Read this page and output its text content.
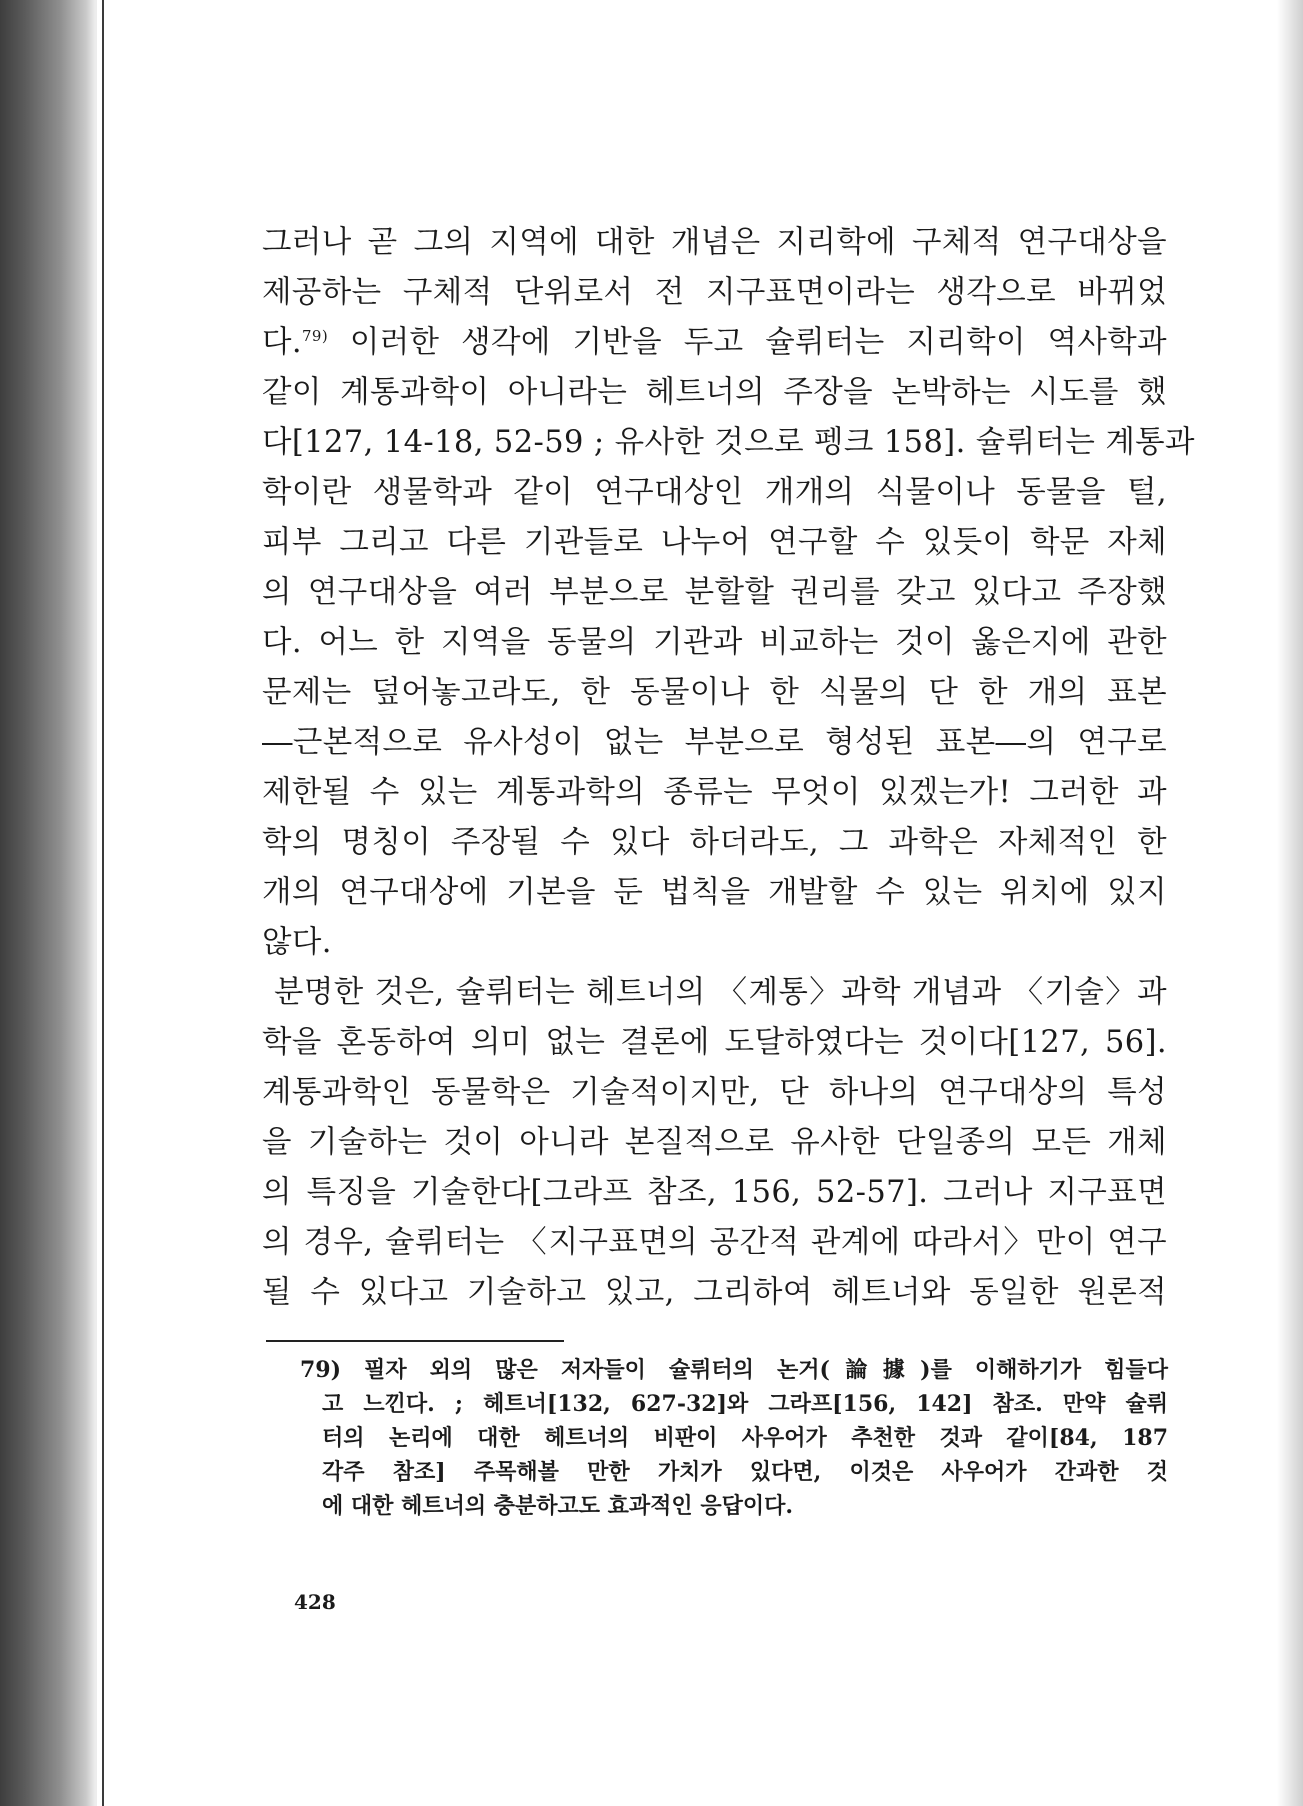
그러나 곧 그의 지역에 대한 개념은 지리학에 구체적 연구대상을
제공하는 구체적 단위로서 전 지구표면이라는 생각으로 바뀌었
다.$^{79)}$ 이러한 생각에 기반을 두고 슐뤼터는 지리학이 역사학과
같이 계통과학이 아니라는 헤트너의 주장을 논박하는 시도를 했
다[127, 14-18, 52-59 ; 유사한 것으로 펭크 158]. 슐뤼터는 계통과
학이란 생물학과 같이 연구대상인 개개의 식물이나 동물을 털,
피부 그리고 다른 기관들로 나누어 연구할 수 있듯이 학문 자체
의 연구대상을 여러 부분으로 분할할 권리를 갖고 있다고 주장했
다. 어느 한 지역을 동물의 기관과 비교하는 것이 옳은지에 관한
문제는 덮어놓고라도, 한 동물이나 한 식물의 단 한 개의 표본
―근본적으로 유사성이 없는 부분으로 형성된 표본―의 연구로
제한될 수 있는 계통과학의 종류는 무엇이 있겠는가! 그러한 과
학의 명칭이 주장될 수 있다 하더라도, 그 과학은 자체적인 한
개의 연구대상에 기본을 둔 법칙을 개발할 수 있는 위치에 있지
않다.
분명한 것은, 슐뤼터는 헤트너의 〈계통〉과학 개념과 〈기술〉과
학을 혼동하여 의미 없는 결론에 도달하였다는 것이다[127, 56].
계통과학인 동물학은 기술적이지만, 단 하나의 연구대상의 특성
을 기술하는 것이 아니라 본질적으로 유사한 단일종의 모든 개체
의 특징을 기술한다[그라프 참조, 156, 52-57]. 그러나 지구표면
의 경우, 슐뤼터는 〈지구표면의 공간적 관계에 따라서〉만이 연구
될 수 있다고 기술하고 있고, 그리하여 헤트너와 동일한 원론적
79) 필자 외의 많은 저자들이 슐뤼터의 논거(論據)를 이해하기가 힘들다
고 느낀다. ; 헤트너[132, 627-32]와 그라프[156, 142] 참조. 만약 슐뤼
터의 논리에 대한 헤트너의 비판이 사우어가 추천한 것과 같이[84, 187
각주 참조] 주목해볼 만한 가치가 있다면, 이것은 사우어가 간과한 것
에 대한 헤트너의 충분하고도 효과적인 응답이다.
428
